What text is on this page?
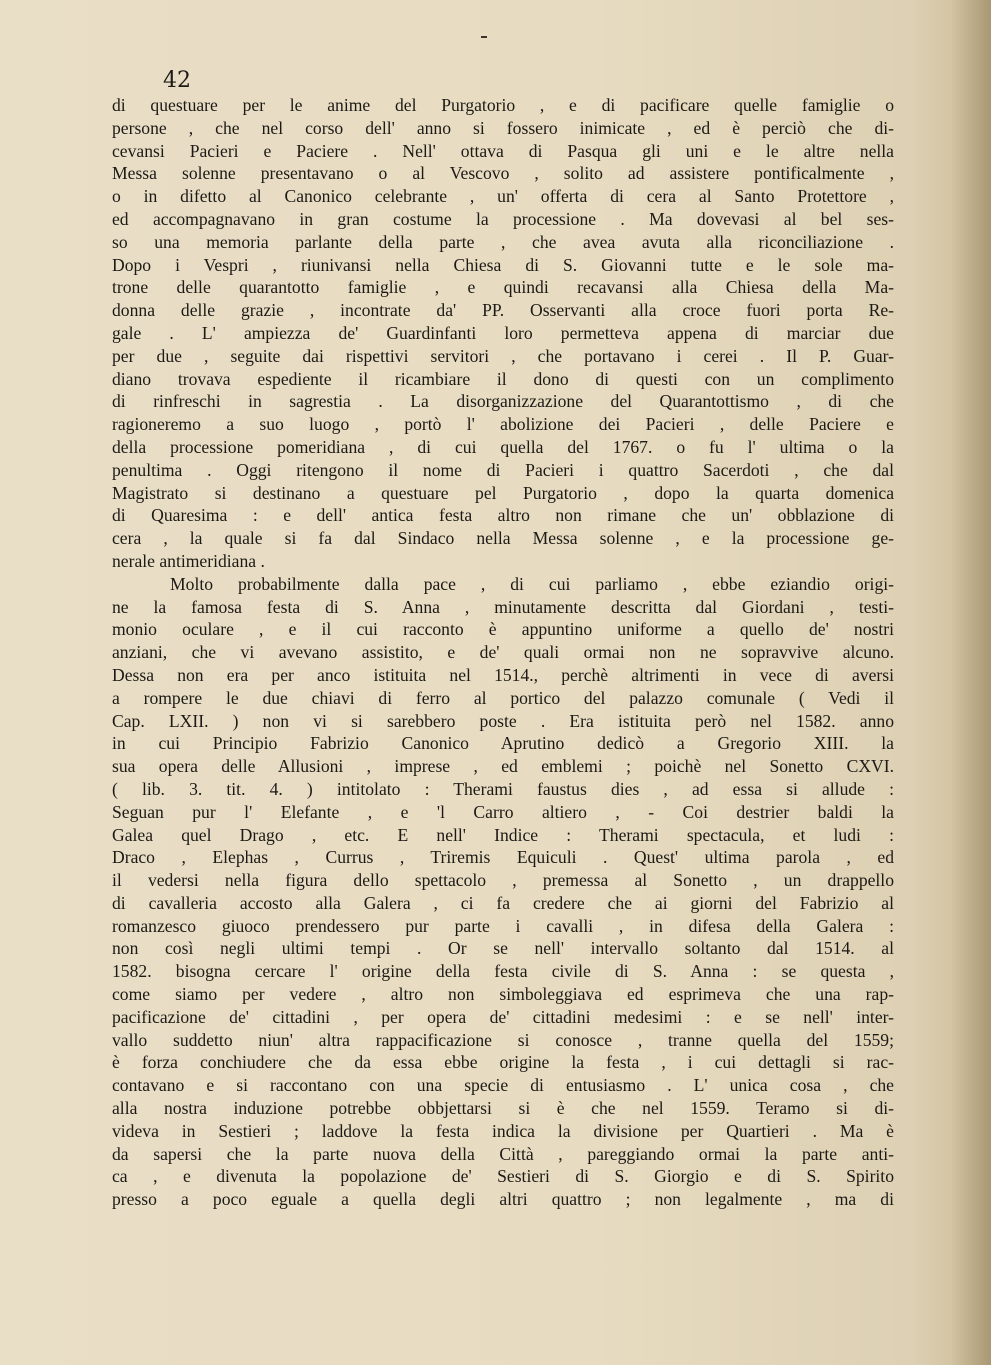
42
di questuare per le anime del Purgatorio , e di pacificare quelle famiglie o
persone , che nel corso dell' anno si fossero inimicate , ed è perciò che di-
cevansi Pacieri e Paciere . Nell' ottava di Pasqua gli uni e le altre nella
Messa solenne presentavano o al Vescovo , solito ad assistere pontificalmente ,
o in difetto al Canonico celebrante , un' offerta di cera al Santo Protettore ,
ed accompagnavano in gran costume la processione . Ma dovevasi al bel ses-
so una memoria parlante della parte , che avea avuta alla riconciliazione .
Dopo i Vespri , riunivansi nella Chiesa di S. Giovanni tutte e le sole ma-
trone delle quarantotto famiglie , e quindi recavansi alla Chiesa della Ma-
donna delle grazie , incontrate da' PP. Osservanti alla croce fuori porta Re-
gale . L' ampiezza de' Guardinfanti loro permetteva appena di marciar due
per due , seguite dai rispettivi servitori , che portavano i cerei . Il P. Guar-
diano trovava espediente il ricambiare il dono di questi con un complimento
di rinfreschi in sagrestia . La disorganizzazione del Quarantottismo , di che
ragioneremo a suo luogo , portò l' abolizione dei Pacieri , delle Paciere e
della processione pomeridiana , di cui quella del 1767. o fu l' ultima o la
penultima . Oggi ritengono il nome di Pacieri i quattro Sacerdoti , che dal
Magistrato si destinano a questuare pel Purgatorio , dopo la quarta domenica
di Quaresima : e dell' antica festa altro non rimane che un' obblazione di
cera , la quale si fa dal Sindaco nella Messa solenne , e la processione ge-
nerale antimeridiana .
Molto probabilmente dalla pace , di cui parliamo , ebbe eziandio origi-
ne la famosa festa di S. Anna , minutamente descritta dal Giordani , testi-
monio oculare , e il cui racconto è appuntino uniforme a quello de' nostri
anziani, che vi avevano assistito, e de' quali ormai non ne sopravvive alcuno.
Dessa non era per anco istituita nel 1514., perchè altrimenti in vece di aversi
a rompere le due chiavi di ferro al portico del palazzo comunale ( Vedi il
Cap. LXII. ) non vi si sarebbero poste . Era istituita però nel 1582. anno
in cui Principio Fabrizio Canonico Aprutino dedicò a Gregorio XIII. la
sua opera delle Allusioni , imprese , ed emblemi ; poichè nel Sonetto CXVI.
( lib. 3. tit. 4. ) intitolato : Therami faustus dies , ad essa si allude :
Seguan pur l' Elefante , e 'l Carro altiero , - Coi destrier baldi la
Galea quel Drago , etc. E nell' Indice : Therami spectacula, et ludi :
Draco , Elephas , Currus , Triremis Equiculi . Quest' ultima parola , ed
il vedersi nella figura dello spettacolo , premessa al Sonetto , un drappello
di cavalleria accosto alla Galera , ci fa credere che ai giorni del Fabrizio al
romanzesco giuoco prendessero pur parte i cavalli , in difesa della Galera :
non così negli ultimi tempi . Or se nell' intervallo soltanto dal 1514. al
1582. bisogna cercare l' origine della festa civile di S. Anna : se questa ,
come siamo per vedere , altro non simboleggiava ed esprimeva che una rap-
pacificazione de' cittadini , per opera de' cittadini medesimi : e se nell' inter-
vallo suddetto niun' altra rappacificazione si conosce , tranne quella del 1559;
è forza conchiudere che da essa ebbe origine la festa , i cui dettagli si rac-
contavano e si raccontano con una specie di entusiasmo . L' unica cosa , che
alla nostra induzione potrebbe obbjettarsi si è che nel 1559. Teramo si di-
videva in Sestieri ; laddove la festa indica la divisione per Quartieri . Ma è
da sapersi che la parte nuova della Città , pareggiando ormai la parte anti-
ca , e divenuta la popolazione de' Sestieri di S. Giorgio e di S. Spirito
presso a poco eguale a quella degli altri quattro ; non legalmente , ma di
